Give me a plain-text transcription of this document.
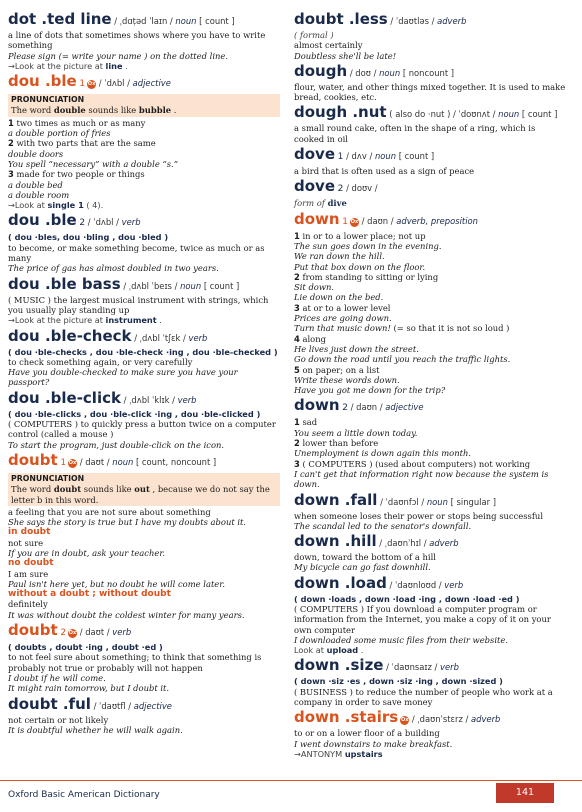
dot .ted line / ˌdɑṭəd ˈlaɪn / noun [ count ]
a line of dots that sometimes shows where you have to write something
Please sign (= write your name ) on the dotted line.
→Look at the picture at line .
dou .ble 1 Ox / ˈdʌbl / adjective
PRONUNCIATION
The word double sounds like bubble .
1 two times as much or as many
a double portion of fries
2 with two parts that are the same
double doors
You spell “necessary” with a double “s.”
3 made for two people or things
a double bed
a double room
→Look at single 1 ( 4).
dou .ble 2 / ˈdʌbl / verb
( dou ·bles, dou ·bling , dou ·bled )
to become, or make something become, twice as much or as many
The price of gas has almost doubled in two years.
dou .ble bass / ˌdʌbl ˈbeɪs / noun [ count ]
( MUSIC ) the largest musical instrument with strings, which you usually play standing up
→Look at the picture at instrument .
dou .ble-check / ˌdʌbl ˈtʃɛk / verb
( dou ·ble-checks , dou ·ble-check ·ing , dou ·ble-checked )
to check something again, or very carefully
Have you double-checked to make sure you have your passport?
dou .ble-click / ˌdʌbl ˈklɪk / verb
( dou ·ble-clicks , dou ·ble-click ·ing , dou ·ble-clicked )
( COMPUTERS ) to quickly press a button twice on a computer control (called a mouse )
To start the program, just double-click on the icon.
doubt 1 Ox / daʊt / noun [ count, noncount ]
PRONUNCIATION
The word doubt sounds like out , because we do not say the letter b in this word.
a feeling that you are not sure about something
She says the story is true but I have my doubts about it.
in doubt
not sure
If you are in doubt, ask your teacher.
no doubt
I am sure
Paul isn't here yet, but no doubt he will come later.
without a doubt ; without doubt
definitely
It was without doubt the coldest winter for many years.
doubt 2 Ox / daʊt / verb
( doubts , doubt ·ing , doubt ·ed )
to not feel sure about something; to think that something is probably not true or probably will not happen
I doubt if he will come.
It might rain tomorrow, but I doubt it.
doubt .ful / ˈdaʊtfl / adjective
not certain or not likely
It is doubtful whether he will walk again.
doubt .less / ˈdaʊtləs / adverb
( formal )
almost certainly
Doubtless she'll be late!
dough / doʊ / noun [ noncount ]
flour, water, and other things mixed together. It is used to make bread, cookies, etc.
dough .nut ( also do ·nut ) / ˈdoʊnʌt / noun [ count ]
a small round cake, often in the shape of a ring, which is cooked in oil
dove 1 / dʌv / noun [ count ]
a bird that is often used as a sign of peace
dove 2 / doʊv /
form of dive
down 1 Ox / daʊn / adverb, preposition
1 in or to a lower place; not up
The sun goes down in the evening.
We ran down the hill.
Put that box down on the floor.
2 from standing to sitting or lying
Sit down.
Lie down on the bed.
3 at or to a lower level
Prices are going down.
Turn that music down! (= so that it is not so loud )
4 along
He lives just down the street.
Go down the road until you reach the traffic lights.
5 on paper; on a list
Write these words down.
Have you got me down for the trip?
down 2 / daʊn / adjective
1 sad
You seem a little down today.
2 lower than before
Unemployment is down again this month.
3 ( COMPUTERS ) (used about computers) not working
I can't get that information right now because the system is down.
down .fall / ˈdaʊnfɔl / noun [ singular ]
when someone loses their power or stops being successful
The scandal led to the senator's downfall.
down .hill / ˌdaʊnˈhɪl / adverb
down, toward the bottom of a hill
My bicycle can go fast downhill.
down .load / ˈdaʊnloʊd / verb
( down ·loads , down ·load ·ing , down ·load ·ed )
( COMPUTERS ) If you download a computer program or information from the Internet, you make a copy of it on your own computer
I downloaded some music files from their website.
Look at upload .
down .size / ˈdaʊnsaɪz / verb
( down ·siz ·es , down ·siz ·ing , down ·sized )
( BUSINESS ) to reduce the number of people who work at a company in order to save money
down .stairs Ox / ˌdaʊnˈstɛrz / adverb
to or on a lower floor of a building
I went downstairs to make breakfast.
→ANTONYM upstairs
Oxford Basic American Dictionary	141
